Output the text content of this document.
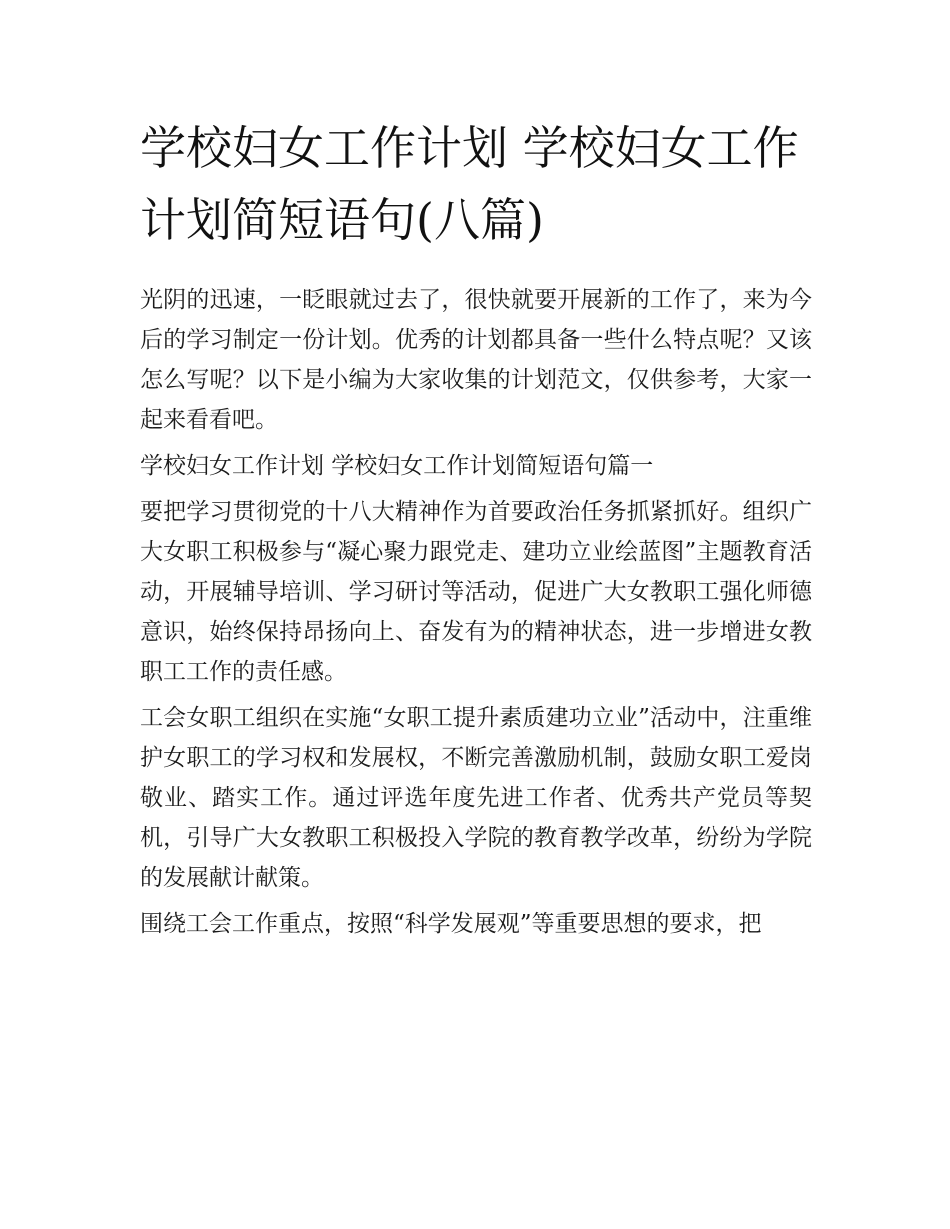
学校妇女工作计划 学校妇女工作计划简短语句(八篇)

光阴的迅速，一眨眼就过去了，很快就要开展新的工作了，来为今后的学习制定一份计划。优秀的计划都具备一些什么特点呢？又该怎么写呢？以下是小编为大家收集的计划范文，仅供参考，大家一起来看看吧。

学校妇女工作计划 学校妇女工作计划简短语句篇一

要把学习贯彻党的十八大精神作为首要政治任务抓紧抓好。组织广大女职工积极参与“凝心聚力跟党走、建功立业绘蓝图”主题教育活动，开展辅导培训、学习研讨等活动，促进广大女教职工强化师德意识，始终保持昂扬向上、奋发有为的精神状态，进一步增进女教职工工作的责任感。

工会女职工组织在实施“女职工提升素质建功立业”活动中，注重维护女职工的学习权和发展权，不断完善激励机制，鼓励女职工爱岗敬业、踏实工作。通过评选年度先进工作者、优秀共产党员等契机，引导广大女教职工积极投入学院的教育教学改革，纷纷为学院的发展献计献策。

围绕工会工作重点，按照“科学发展观”等重要思想的要求，把
